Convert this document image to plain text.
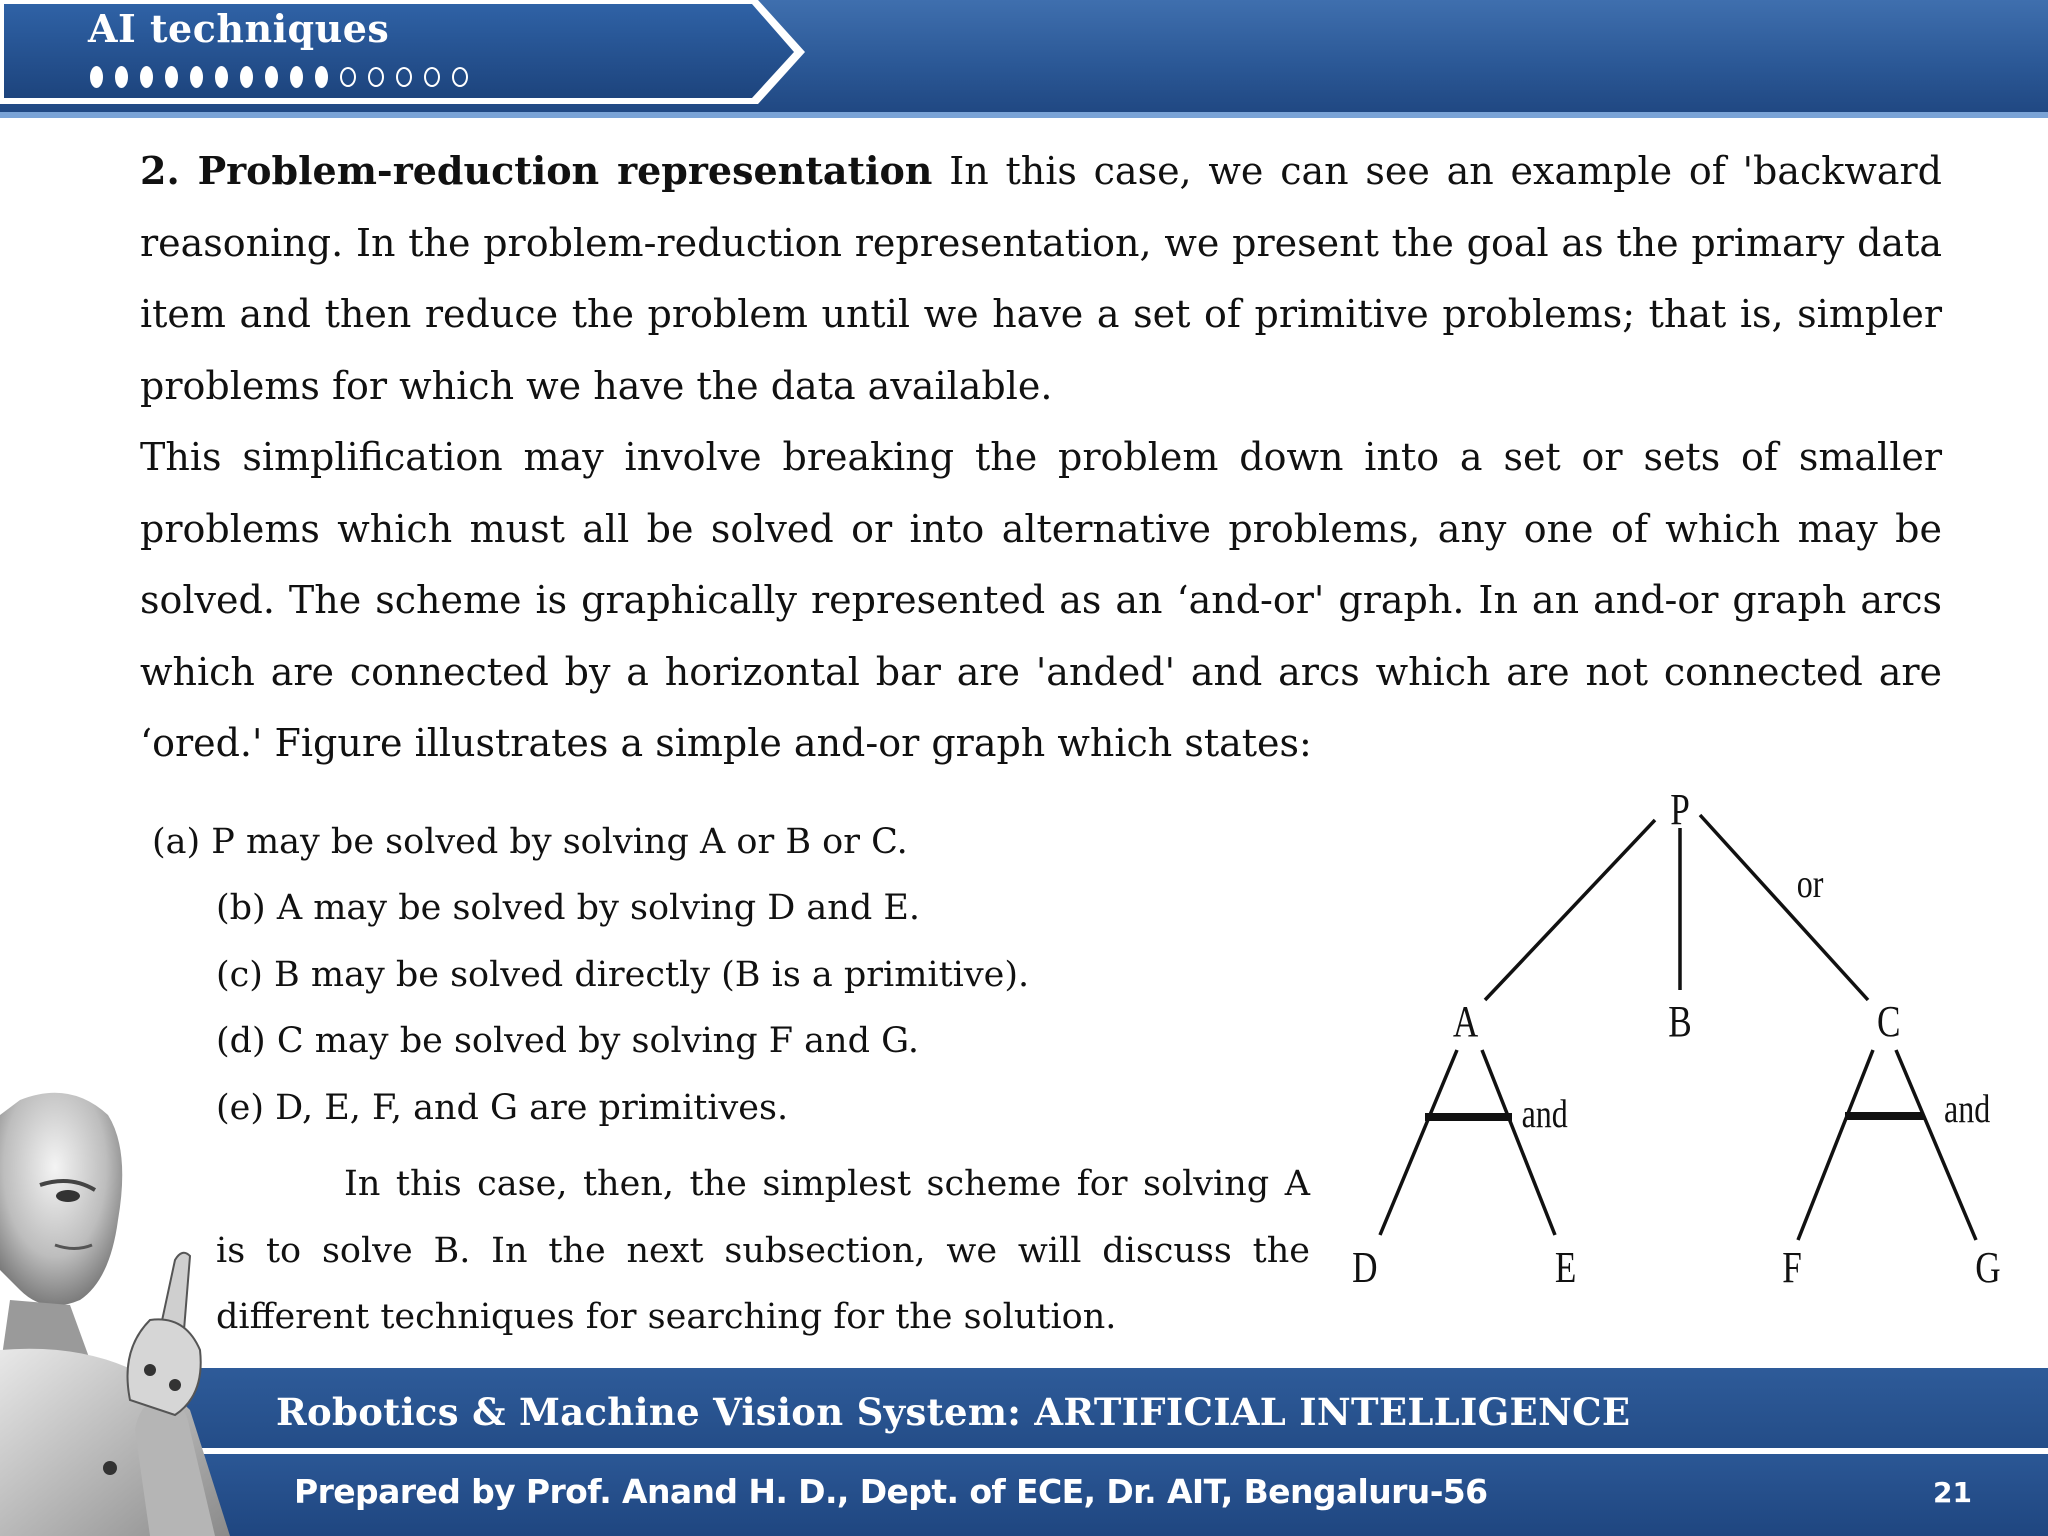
AI techniques

2. Problem-reduction representation In this case, we can see an example of 'backward reasoning. In the problem-reduction representation, we present the goal as the primary data item and then reduce the problem until we have a set of primitive problems; that is, simpler problems for which we have the data available.

This simplification may involve breaking the problem down into a set or sets of smaller problems which must all be solved or into alternative problems, any one of which may be solved. The scheme is graphically represented as an ‘and-or' graph. In an and-or graph arcs which are connected by a horizontal bar are 'anded' and arcs which are not connected are ‘ored.' Figure illustrates a simple and-or graph which states:

(a) P may be solved by solving A or B or C.
(b) A may be solved by solving D and E.
(c) B may be solved directly (B is a primitive).
(d) C may be solved by solving F and G.
(e) D, E, F, and G are primitives.

In this case, then, the simplest scheme for solving A is to solve B. In the next subsection, we will discuss the different techniques for searching for the solution.

P
A	B	C
D	E	F	G
or
and	and
Robotics & Machine Vision System: ARTIFICIAL INTELLIGENCE
Prepared by Prof. Anand H. D., Dept. of ECE, Dr. AIT, Bengaluru-56	21
